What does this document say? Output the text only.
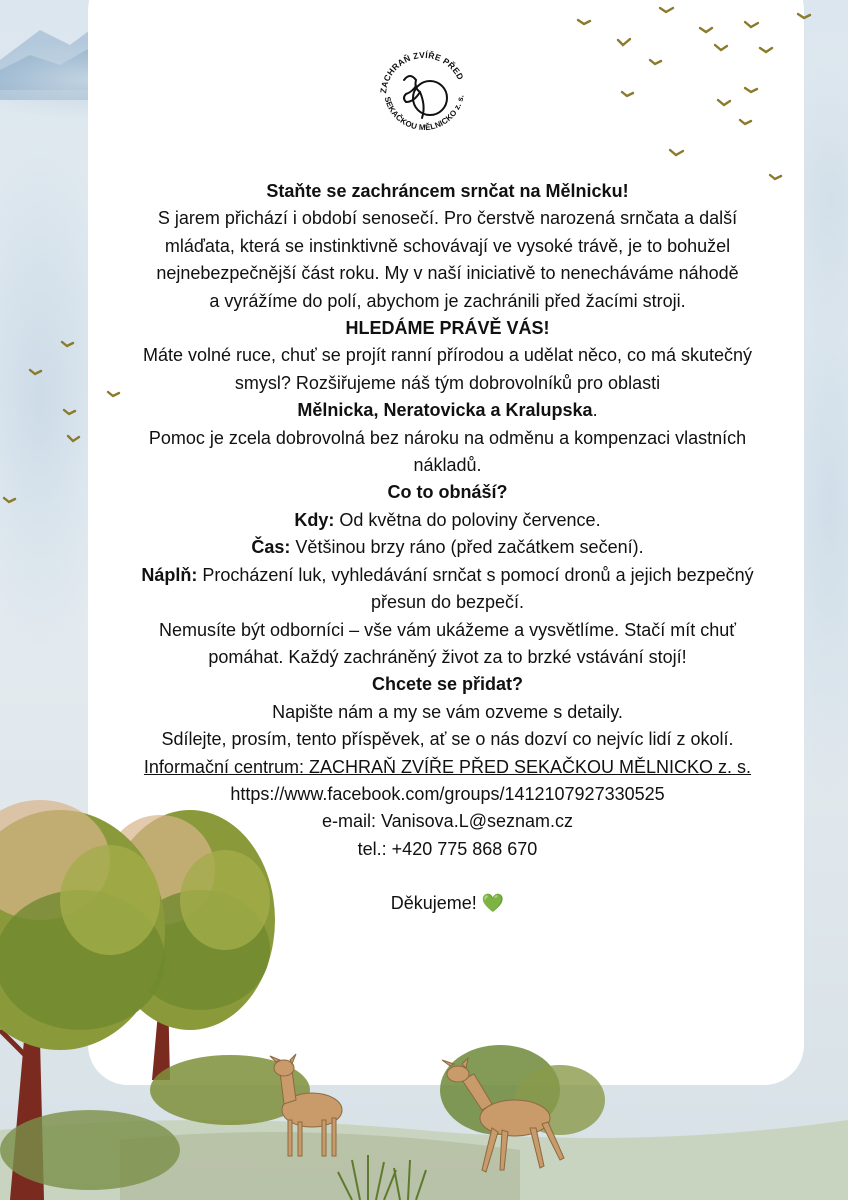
ZACHRAŇ ZVÍŘE PŘED
SEKAČKOU MĚLNICKO z. s.

Staňte se zachráncem srnčat na Mělnicku!

S jarem přichází i období senosečí. Pro čerstvě narozená srnčata a další

mláďata, která se instinktivně schovávají ve vysoké trávě, je to bohužel

nejnebezpečnější část roku. My v naší iniciativě to nenecháváme náhodě

a vyrážíme do polí, abychom je zachránili před žacími stroji.

HLEDÁME PRÁVĚ VÁS!

Máte volné ruce, chuť se projít ranní přírodou a udělat něco, co má skutečný

smysl? Rozšiřujeme náš tým dobrovolníků pro oblasti

Mělnicka, Neratovicka a Kralupska.

Pomoc je zcela dobrovolná bez nároku na odměnu a kompenzaci vlastních

nákladů.

Co to obnáší?

Kdy: Od května do poloviny července.

Čas: Většinou brzy ráno (před začátkem sečení).

Náplň: Procházení luk, vyhledávání srnčat s pomocí dronů a jejich bezpečný

přesun do bezpečí.

Nemusíte být odborníci – vše vám ukážeme a vysvětlíme. Stačí mít chuť

pomáhat. Každý zachráněný život za to brzké vstávání stojí!

Chcete se přidat?

Napište nám a my se vám ozveme s detaily.

Sdílejte, prosím, tento příspěvek, ať se o nás dozví co nejvíc lidí z okolí.

Informační centrum: ZACHRAŇ ZVÍŘE PŘED SEKAČKOU MĚLNICKO z. s.

https://www.facebook.com/groups/1412107927330525

e-mail: Vanisova.L@seznam.cz

tel.: +420 775 868 670

Děkujeme! 💚
